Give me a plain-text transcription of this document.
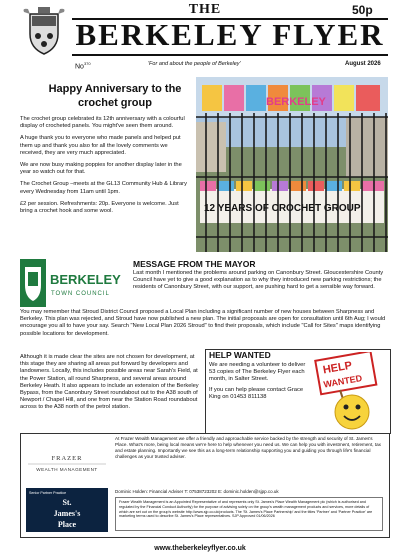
THE	50p
BERKELEY FLYER
No$^{370}$	'For and about the people of Berkeley'	August 2026
Happy Anniversary to the crochet group

The crochet group celebrated its 12th anniversary with a colourful display of crocheted panels. You might've seen them around.

A huge thank you to everyone who made panels and helped put them up and thank you also for all the lovely comments we received, they are very much appreciated.

We are now busy making poppies for another display later in the year so watch out for that.

The Crochet Group –meets at the GL13 Community Hub & Library every Wednesday from 11am until 1pm.

£2 per session. Refreshments: 20p. Everyone is welcome. Just bring a crochet hook and some wool.

BERKELEY
12 YEARS OF CROCHET GROUP
BERKELEY
TOWN COUNCIL
MESSAGE FROM THE MAYOR
Last month I mentioned the problems around parking on Canonbury Street. Gloucestershire County Council have yet to give a good explanation as to why they introduced new parking restrictions; the residents of Canonbury Street, with our support, are pushing hard to get a sensible way forward.
You may remember that Stroud District Council proposed a Local Plan including a significant number of new houses between Sharpness and Berkeley. This plan was rejected, and Stroud have now published a new plan. The initial proposals are open for consultation until 6th Aug; I would encourage you all to have your say. Search "New Local Plan 2026 Stroud" to find their proposals, which include "Call for Sites" maps identifying possible locations for development.
Although it is made clear the sites are not chosen for development, at this stage they are sharing all areas put forward by developers and landowners. Locally, this includes possible areas near Sarah's Field, at the Power Station, all round Sharpness, and several areas around Berkeley Heath. It also appears to include an extension of the Berkeley Bypass, from the Canonbury Street roundabout out to the A38 south of Newport / Chapel Hill, and one from near the Station Road roundabout across to the A38 north of the petrol station.
HELP WANTED
We are needing a volunteer to deliver 53 copies of The Berkeley Flyer each month, in Salter Street.
If you can help please contact Grace King on 01453 811138
HELP
WANTED
FRAZER
WEALTH MANAGEMENT
Senior Partner Practice
St.
James's
Place
At Frazer Wealth Management we offer a friendly and approachable service backed by the strength and security of St. James's Place. What's more, being local means we're here to help whenever you need us. We can help you with investment, retirement, tax and estate planning. Importantly we see this as a long-term relationship supporting you and guiding you through life's financial challenges as your trusted adviser.
Dominic Holden: Financial Adviser T: 07538723202 E: dominic.holden@sjpp.co.uk
Frazer Wealth Management is an Appointed Representative of and represents only St. James's Place Wealth Management plc (which is authorised and regulated by the Financial Conduct Authority) for the purpose of advising solely on the group's wealth management products and services, more details of which are set out on the group's website http://www.sjp.co.uk/products. The 'St. James's Place Partnership' and the titles 'Partner' and 'Partner Practice' are marketing terms used to describe St. James's Place representatives. SJP Approved 01/06/2026
www.theberkeleyflyer.co.uk
